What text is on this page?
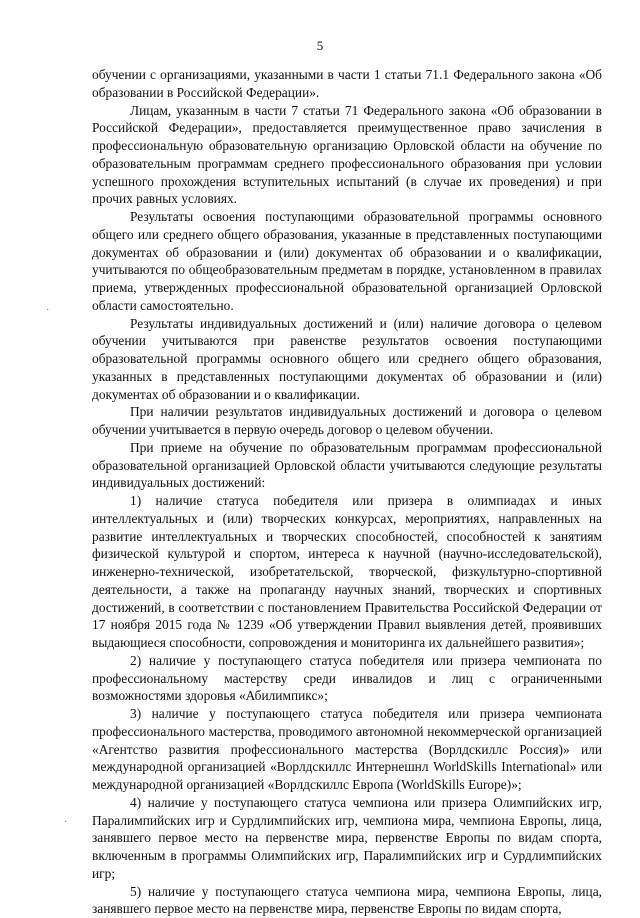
5

обучении с организациями, указанными в части 1 статьи 71.1 Федерального закона «Об образовании в Российской Федерации».

Лицам, указанным в части 7 статьи 71 Федерального закона «Об образовании в Российской Федерации», предоставляется преимущественное право зачисления в профессиональную образовательную организацию Орловской области на обучение по образовательным программам среднего профессионального образования при условии успешного прохождения вступительных испытаний (в случае их проведения) и при прочих равных условиях.

Результаты освоения поступающими образовательной программы основного общего или среднего общего образования, указанные в представленных поступающими документах об образовании и (или) документах об образовании и о квалификации, учитываются по общеобразовательным предметам в порядке, установленном в правилах приема, утвержденных профессиональной образовательной организацией Орловской области самостоятельно.

Результаты индивидуальных достижений и (или) наличие договора о целевом обучении учитываются при равенстве результатов освоения поступающими образовательной программы основного общего или среднего общего образования, указанных в представленных поступающими документах об образовании и (или) документах об образовании и о квалификации.

При наличии результатов индивидуальных достижений и договора о целевом обучении учитывается в первую очередь договор о целевом обучении.

При приеме на обучение по образовательным программам профессиональной образовательной организацией Орловской области учитываются следующие результаты индивидуальных достижений:

1) наличие статуса победителя или призера в олимпиадах и иных интеллектуальных и (или) творческих конкурсах, мероприятиях, направленных на развитие интеллектуальных и творческих способностей, способностей к занятиям физической культурой и спортом, интереса к научной (научно-исследовательской), инженерно-технической, изобретательской, творческой, физкультурно-спортивной деятельности, а также на пропаганду научных знаний, творческих и спортивных достижений, в соответствии с постановлением Правительства Российской Федерации от 17 ноября 2015 года № 1239 «Об утверждении Правил выявления детей, проявивших выдающиеся способности, сопровождения и мониторинга их дальнейшего развития»;

2) наличие у поступающего статуса победителя или призера чемпионата по профессиональному мастерству среди инвалидов и лиц с ограниченными возможностями здоровья «Абилимпикс»;

3) наличие у поступающего статуса победителя или призера чемпионата профессионального мастерства, проводимого автономной некоммерческой организацией «Агентство развития профессионального мастерства (Ворлдскиллс Россия)» или международной организацией «Ворлдскиллс Интернешнл WorldSkills International» или международной организацией «Ворлдскиллс Европа (WorldSkills Europe)»;

4) наличие у поступающего статуса чемпиона или призера Олимпийских игр, Паралимпийских игр и Сурдлимпийских игр, чемпиона мира, чемпиона Европы, лица, занявшего первое место на первенстве мира, первенстве Европы по видам спорта, включенным в программы Олимпийских игр, Паралимпийских игр и Сурдлимпийских игр;

5) наличие у поступающего статуса чемпиона мира, чемпиона Европы, лица, занявшего первое место на первенстве мира, первенстве Европы по видам спорта,

·
·
